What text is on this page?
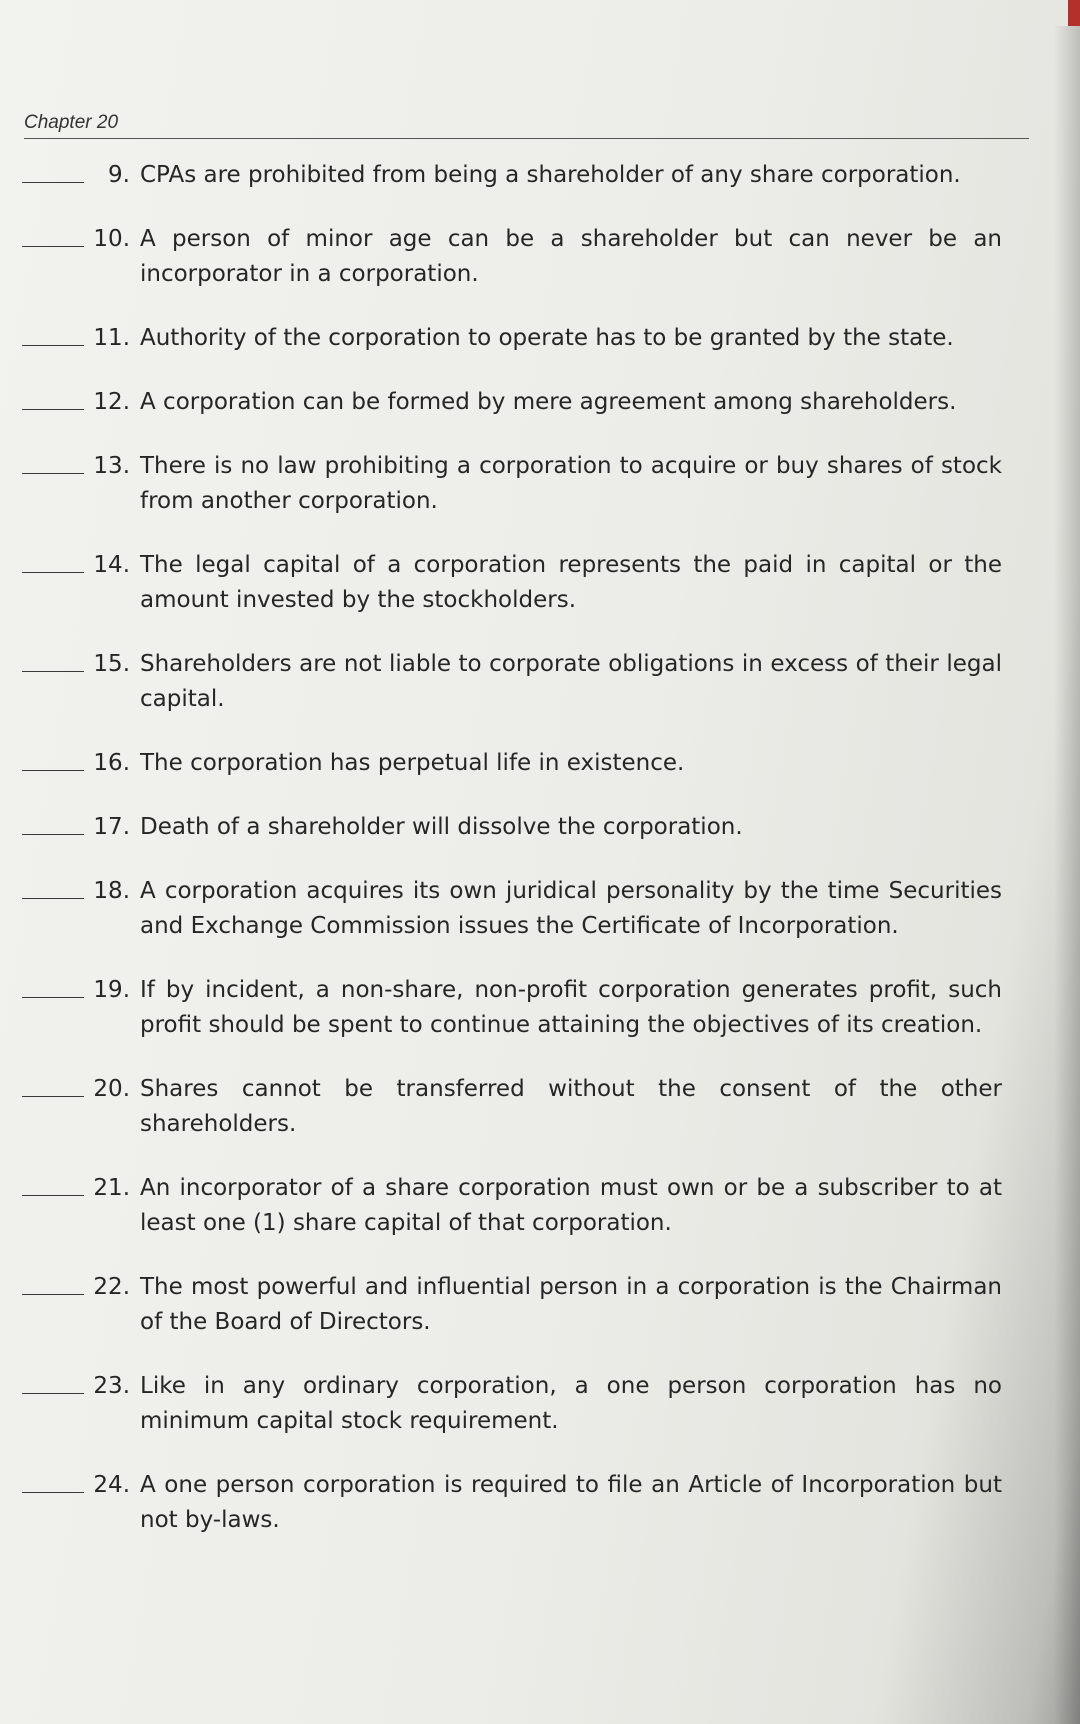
Chapter 20
9. CPAs are prohibited from being a shareholder of any share corporation.
10. A person of minor age can be a shareholder but can never be an incorporator in a corporation.
11. Authority of the corporation to operate has to be granted by the state.
12. A corporation can be formed by mere agreement among shareholders.
13. There is no law prohibiting a corporation to acquire or buy shares of stock from another corporation.
14. The legal capital of a corporation represents the paid in capital or the amount invested by the stockholders.
15. Shareholders are not liable to corporate obligations in excess of their legal capital.
16. The corporation has perpetual life in existence.
17. Death of a shareholder will dissolve the corporation.
18. A corporation acquires its own juridical personality by the time Securities and Exchange Commission issues the Certificate of Incorporation.
19. If by incident, a non-share, non-profit corporation generates profit, such profit should be spent to continue attaining the objectives of its creation.
20. Shares cannot be transferred without the consent of the other shareholders.
21. An incorporator of a share corporation must own or be a subscriber to at least one (1) share capital of that corporation.
22. The most powerful and influential person in a corporation is the Chairman of the Board of Directors.
23. Like in any ordinary corporation, a one person corporation has no minimum capital stock requirement.
24. A one person corporation is required to file an Article of Incorporation but not by-laws.
